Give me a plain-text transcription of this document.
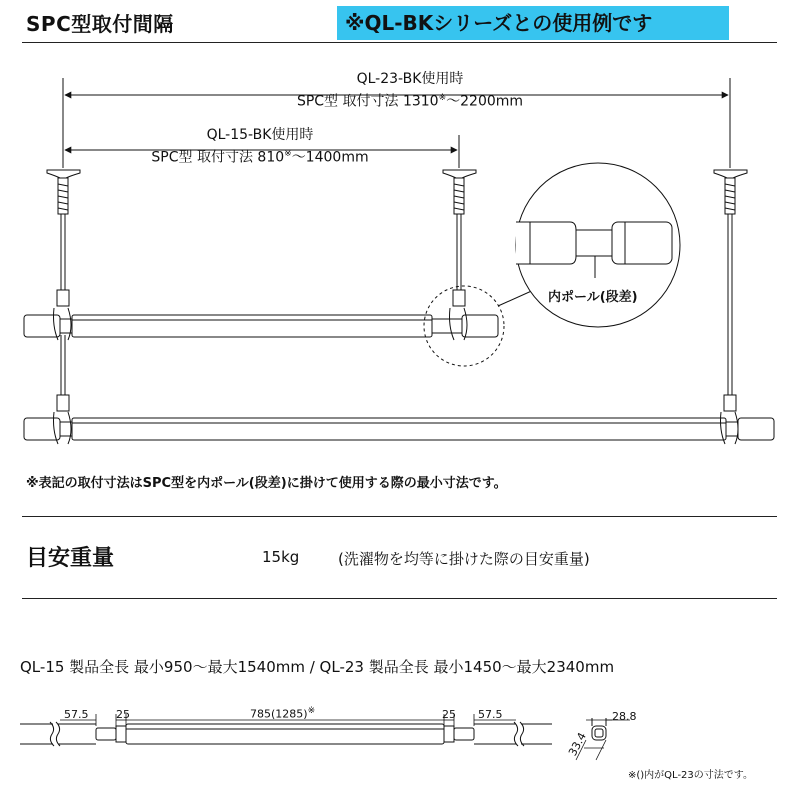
SPC型取付間隔	※QL-BKシリーズとの使用例です
QL-23-BK使用時
SPC型 取付寸法 1310※～2200mm
QL-15-BK使用時
SPC型 取付寸法 810※～1400mm
内ポール(段差)
※表記の取付寸法はSPC型を内ポール(段差)に掛けて使用する際の最小寸法です。
目安重量	15kg	(洗濯物を均等に掛けた際の目安重量)
QL-15 製品全長 最小950～最大1540mm / QL-23 製品全長 最小1450～最大2340mm
57.5	25	785(1285)※	25 57.5	28.8
33.4
※()内がQL-23の寸法です。
